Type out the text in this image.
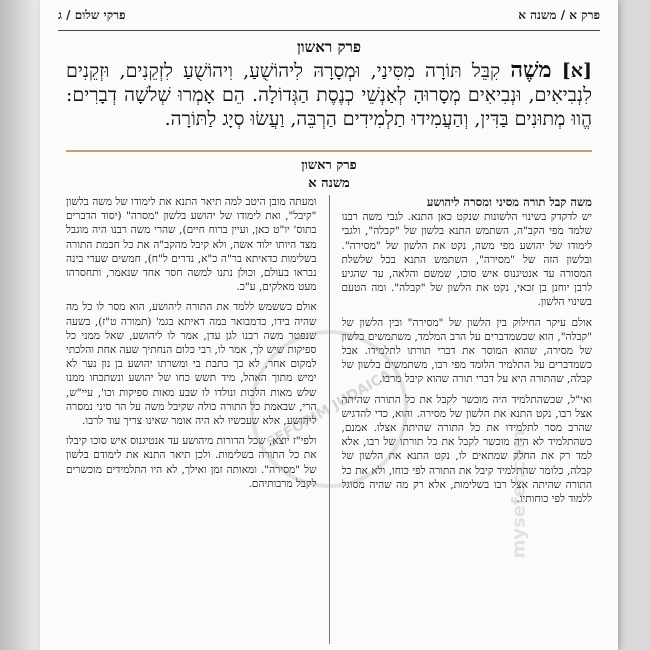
פרק א / משנה א
פרקי שלום / ג
פרק ראשון
[א] משֶׁה קִבֵּל תּוֹרָה מִסִּינַי, וּמְסָרָהּ לִיהוֹשֻׁעַ, וִיהוֹשֻׁעַ לִזְקֵנִים, וּזְקֵנִים לִנְבִיאִים, וּנְבִיאִים מְסָרוּהָ לְאַנְשֵׁי כְנֶסֶת הַגְּדוֹלָה. הֵם אָמְרוּ שְׁלשָׁה דְבָרִים: הֱווּ מְתוּנִים בַּדִּין, וְהַעֲמִידוּ תַלְמִידִים הַרְבֵּה, וַעֲשׂוּ סְיָג לַתּוֹרָה.
פרק ראשון
משנה א

משה קבל תורה מסיני ומסרה ליהושע
יש לדקדק בשינוי הלשונות שנקט כאן התנא. לגבי משה רבנו שלמד מפי הקב"ה, השתמש התנא בלשון של "קבלה", ולגבי לימודו של יהושע מפי משה, נקט את הלשון של "מסירה". ובלשון הזה של "מסירה", השתמש התנא בכל שלשלת המסורה עד אנטיגנוס איש סוכו, שמשם והלאה, עד שהגיע לרבן יוחנן בן זכאי, נקט את הלשון של "קבלה". ומה הטעם בשינוי הלשון.

אולם עיקר החילוק בין הלשון של "מסירה" ובין הלשון של "קבלה", הוא שכשמדברים על הרב המלמד, משתמשים בלשון של מסירה, שהוא המוסר את דברי תורתו לתלמידו. אבל כשמדברים על התלמיד הלומד מפי רבו, משתמשים בלשון של קבלה, שהתורה היא על דברי תורה שהוא קיבל מרבו.

ואי"ל, שכשהתלמיד היה מוכשר לקבל את כל התורה שהיתה אצל רבו, נקט התנא את הלשון של מסירה. והוא, כדי להדגיש שהרב מסר לתלמידו את כל התורה שהיתה אצלו. אמנם, כשהתלמיד לא היה מוכשר לקבל את כל תורתו של רבו, אלא למד רק את החלק שמתאים לו, נקט התנא את הלשון של קבלה, כלומר שהתלמיד קיבל את התורה לפי כוחו, ולא את כל התורה שהיתה אצל רבו בשלימות, אלא רק מה שהיה מסוגל ללמוד לפי כוחותיו.

ומעתה מובן היטב למה תיאר התנא את לימודו של משה בלשון "קיבל", ואת לימודו של יהושע בלשון "מסרה" (יסוד הדברים בתוס' יו"ט כאן, ועיין ברוח חיים), שהרי משה רבנו היה מוגבל מצד היותו ילוד אשה, ולא קיבל מהקב"ה את כל חכמת התורה בשלימות כדאיתא בר"ה כ"א, נדרים ל"ח), חמשים שערי בינה נבראו בעולם, וכולן נתנו למשה חסר אחד שנאמר, ותחסרהו מעט מאלקים, ע"כ.

אולם כששמש ללמד את התורה ליהושע, הוא מסר לו כל מה שהיה בידו, כדמבואר במה דאיתא בגמ' (תמורה ט"ז), בשעה שנפטר משה רבנו לגן עדן, אמר לו ליהושע, שאל ממני כל ספיקות שיש לך, אמר לו, רבי כלום הנחתיך שעה אחת והלכתי למקום אחר, לא כך כתבת בי ומשרתו יהושע בן נון נער לא ימיש מתוך האהל, מיד תשש כחו של יהושע ונשתכחו ממנו שלש מאות הלכות ונולדו לו שבע מאות ספיקות וכו', עיי"ש, הרי, שבאמת כל התורה כולה שקיבל משה על הר סיני נמסרה ליהושע, אלא שעכשיו לא היה אומר שאינו צריך עוד לרבו.

ולפי"ז יוצא, שכל הדורות מיהושע עד אנטיגנוס איש סוכו קיבלו את כל התורה בשלימות. ולכן תיאר התנא את לימודם בלשון של "מסירה". ומאותה זמן ואילך, לא היו התלמידים מוכשרים לקבל מרבותיהם.

SEFORIM JUDAICA
mysefer.com
